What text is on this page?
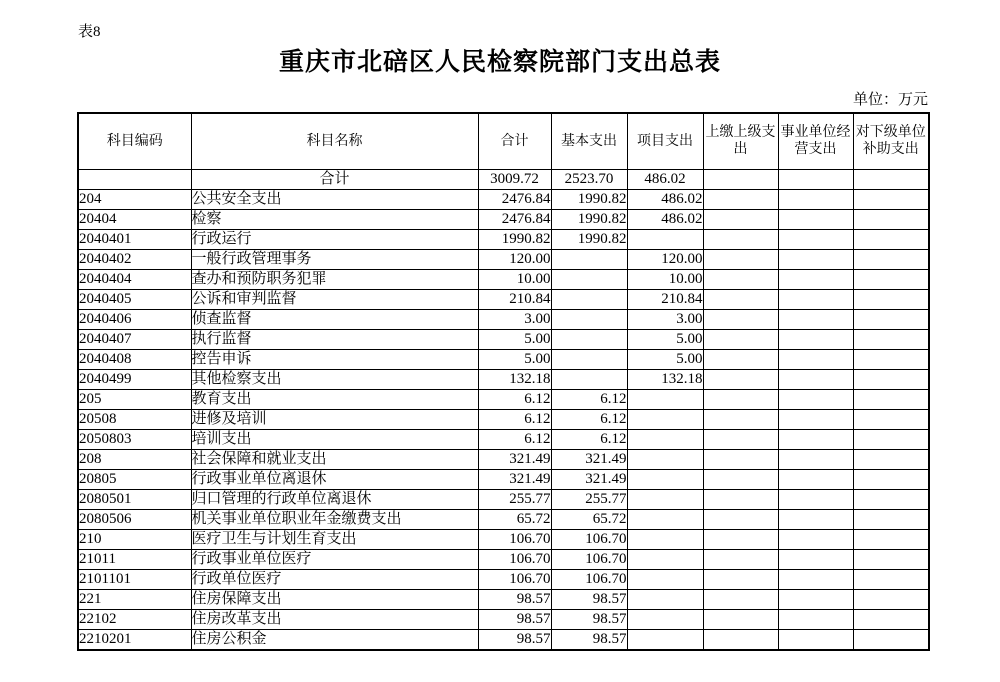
表8
重庆市北碚区人民检察院部门支出总表
单位：万元
科目编码	科目名称	合计	基本支出	项目支出	上缴上级支出	事业单位经营支出	对下级单位补助支出
	合计	3009.72	2523.70	486.02			
204	公共安全支出	2476.84	1990.82	486.02			
20404	检察	2476.84	1990.82	486.02			
2040401	行政运行	1990.82	1990.82				
2040402	一般行政管理事务	120.00		120.00			
2040404	查办和预防职务犯罪	10.00		10.00			
2040405	公诉和审判监督	210.84		210.84			
2040406	侦查监督	3.00		3.00			
2040407	执行监督	5.00		5.00			
2040408	控告申诉	5.00		5.00			
2040499	其他检察支出	132.18		132.18			
205	教育支出	6.12	6.12				
20508	进修及培训	6.12	6.12				
2050803	培训支出	6.12	6.12				
208	社会保障和就业支出	321.49	321.49				
20805	行政事业单位离退休	321.49	321.49				
2080501	归口管理的行政单位离退休	255.77	255.77				
2080506	机关事业单位职业年金缴费支出	65.72	65.72				
210	医疗卫生与计划生育支出	106.70	106.70				
21011	行政事业单位医疗	106.70	106.70				
2101101	行政单位医疗	106.70	106.70				
221	住房保障支出	98.57	98.57				
22102	住房改革支出	98.57	98.57				
2210201	住房公积金	98.57	98.57				
